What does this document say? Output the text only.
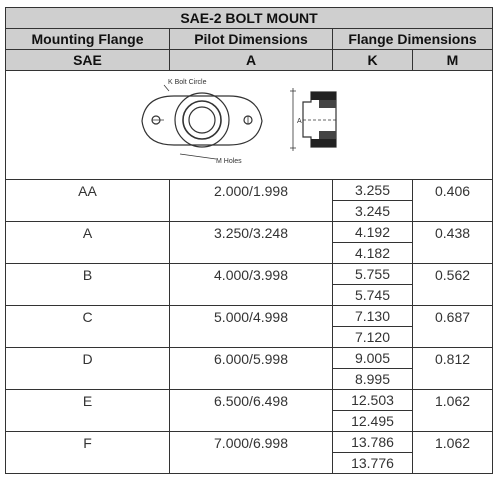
SAE-2 BOLT MOUNT			
Mounting Flange	Pilot Dimensions	Flange Dimensions	
SAE	A	K	M

K Bolt Circle
M Holes
A			

AA	2.000/1.998	3.255	0.406
		3.245	
A	3.250/3.248	4.192	0.438
		4.182	
B	4.000/3.998	5.755	0.562
		5.745	
C	5.000/4.998	7.130	0.687
		7.120	
D	6.000/5.998	9.005	0.812
		8.995	
E	6.500/6.498	12.503	1.062
		12.495	
F	7.000/6.998	13.786	1.062
		13.776	
